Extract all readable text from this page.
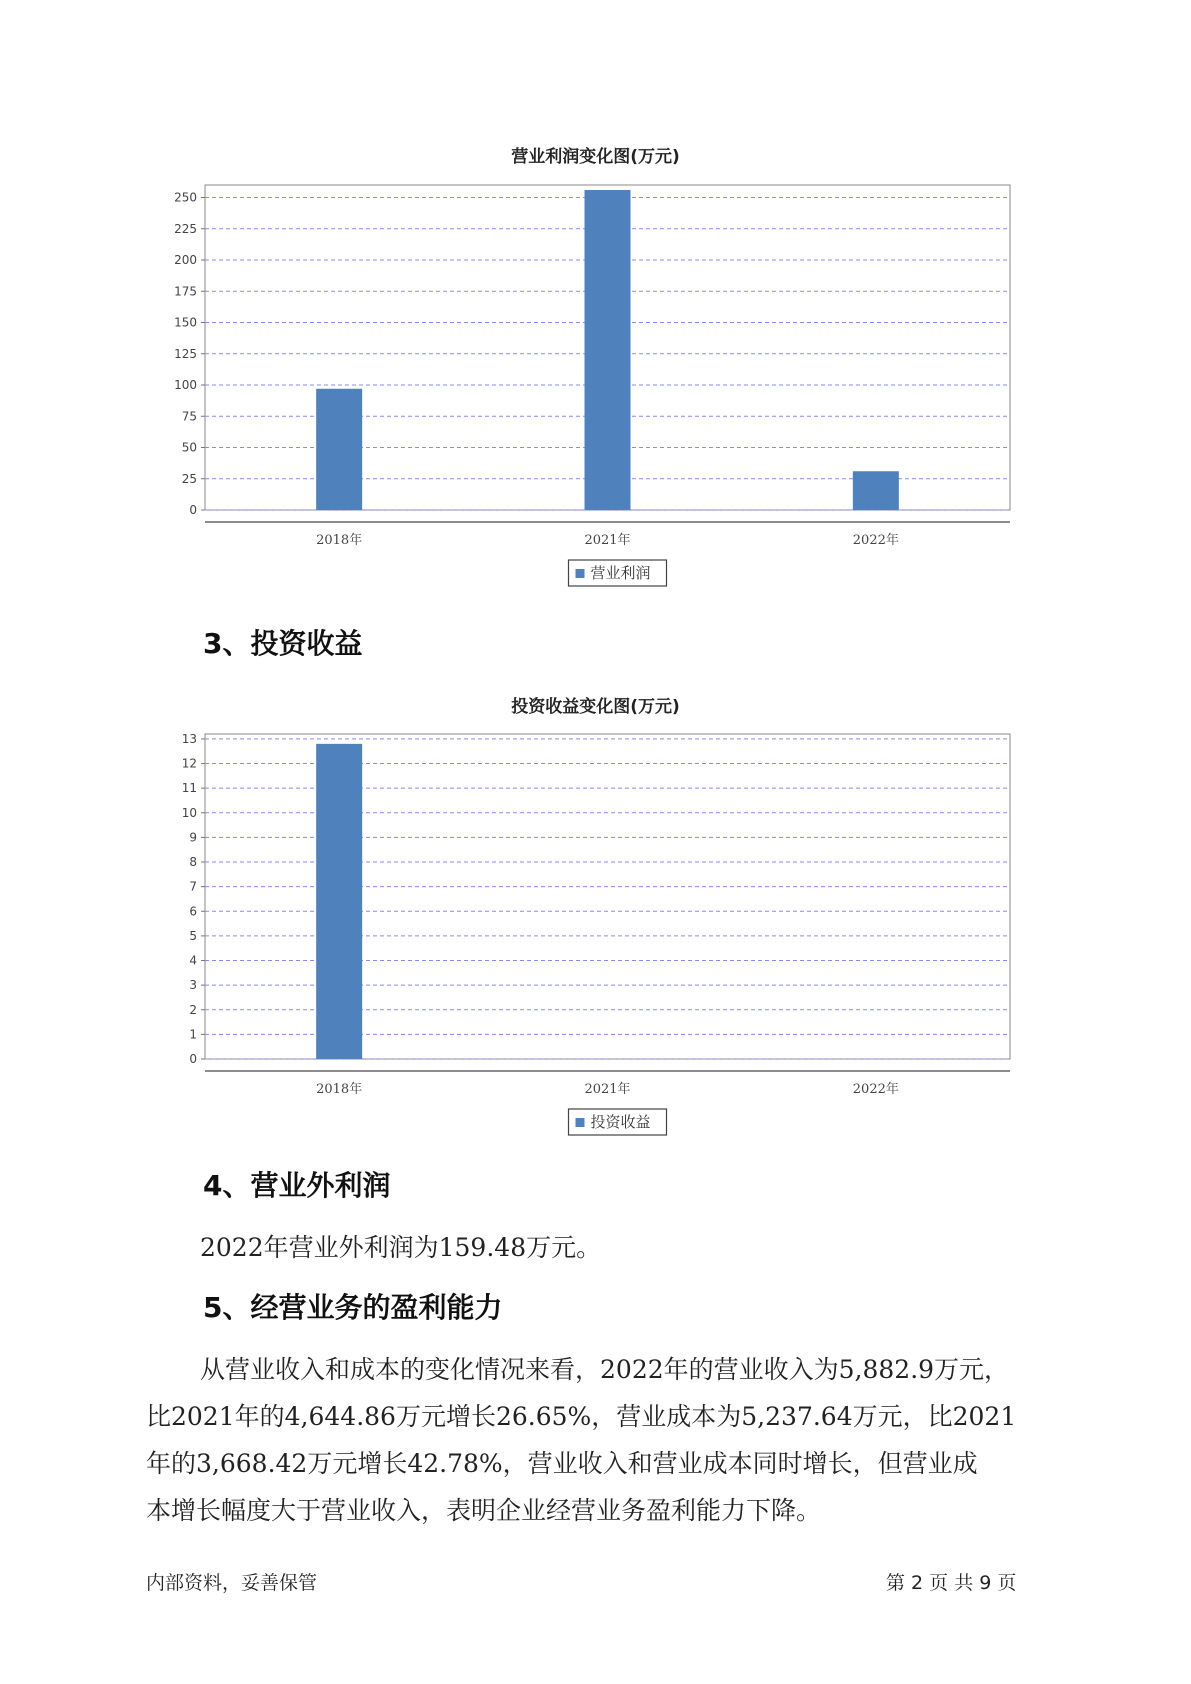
营业利润变化图(万元)
0
25
50
75
100
125
150
175
200
225
250
2018年	2021年	2022年
营业利润
3、投资收益
投资收益变化图(万元)
0
1
2
3
4
5
6
7
8
9
10
11
12
13
2018年	2021年	2022年
投资收益
4、营业外利润
2022年营业外利润为159.48万元。
5、经营业务的盈利能力
从营业收入和成本的变化情况来看，2022年的营业收入为5,882.9万元，
比2021年的4,644.86万元增长26.65%，营业成本为5,237.64万元，比2021
年的3,668.42万元增长42.78%，营业收入和营业成本同时增长，但营业成
本增长幅度大于营业收入，表明企业经营业务盈利能力下降。
内部资料，妥善保管	第 2 页 共 9 页
